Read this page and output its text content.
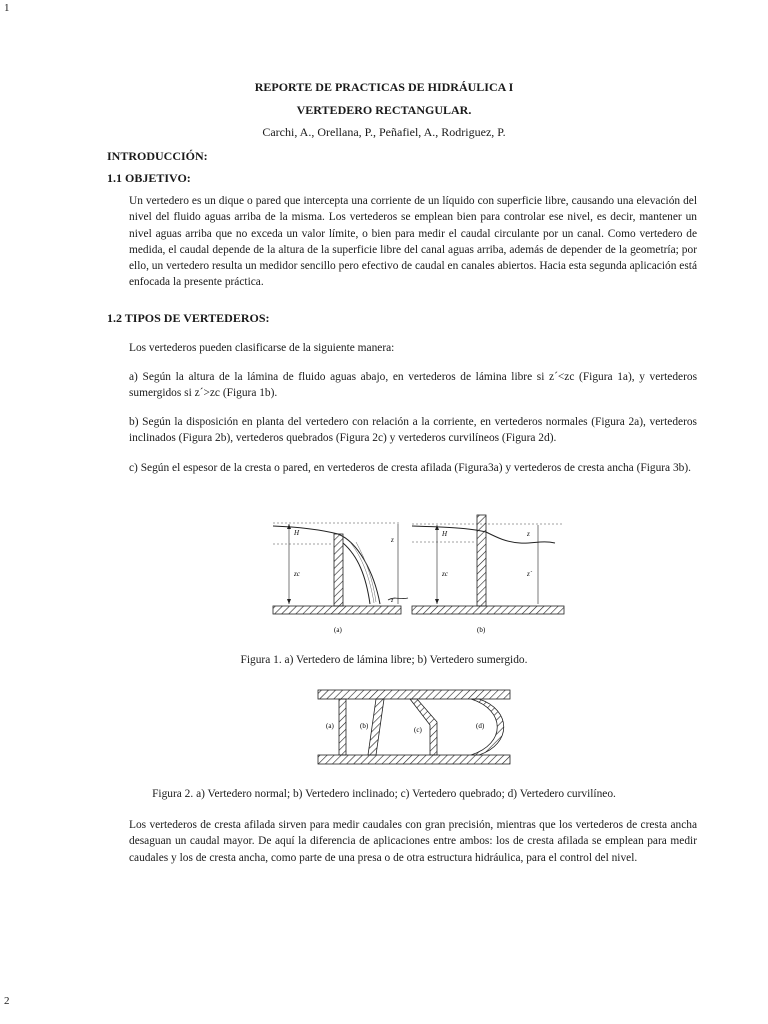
1
REPORTE DE PRACTICAS DE HIDRÁULICA I
VERTEDERO RECTANGULAR.
Carchi, A., Orellana, P., Peñafiel, A., Rodriguez, P.
INTRODUCCIÓN:
1.1 OBJETIVO:

Un vertedero es un dique o pared que intercepta una corriente de un líquido con superficie libre, causando una elevación del nivel del fluido aguas arriba de la misma. Los vertederos se emplean bien para controlar ese nivel, es decir, mantener un nivel aguas arriba que no exceda un valor límite, o bien para medir el caudal circulante por un canal. Como vertedero de medida, el caudal depende de la altura de la superficie libre del canal aguas arriba, además de depender de la geometría; por ello, un vertedero resulta un medidor sencillo pero efectivo de caudal en canales abiertos. Hacia esta segunda aplicación está enfocada la presente práctica.

1.2 TIPOS DE VERTEDEROS:

Los vertederos pueden clasificarse de la siguiente manera:

a) Según la altura de la lámina de fluido aguas abajo, en vertederos de lámina libre si z´<zc (Figura 1a), y vertederos sumergidos si z´>zc (Figura 1b).

b) Según la disposición en planta del vertedero con relación a la corriente, en vertederos normales (Figura 2a), vertederos inclinados (Figura 2b), vertederos quebrados (Figura 2c) y vertederos curvilíneos (Figura 2d).

c) Según el espesor de la cresta o pared, en vertederos de cresta afilada (Figura3a) y vertederos de cresta ancha (Figura 3b).

H
zc
z
z´
(a)
H
zc
z
z´
(b)
Figura 1. a) Vertedero de lámina libre; b) Vertedero sumergido.
(a)	(b)	(c)	(d)
Figura 2. a) Vertedero normal; b) Vertedero inclinado; c) Vertedero quebrado; d) Vertedero curvilíneo.

Los vertederos de cresta afilada sirven para medir caudales con gran precisión, mientras que los vertederos de cresta ancha desaguan un caudal mayor. De aquí la diferencia de aplicaciones entre ambos: los de cresta afilada se emplean para medir caudales y los de cresta ancha, como parte de una presa o de otra estructura hidráulica, para el control del nivel.

2
